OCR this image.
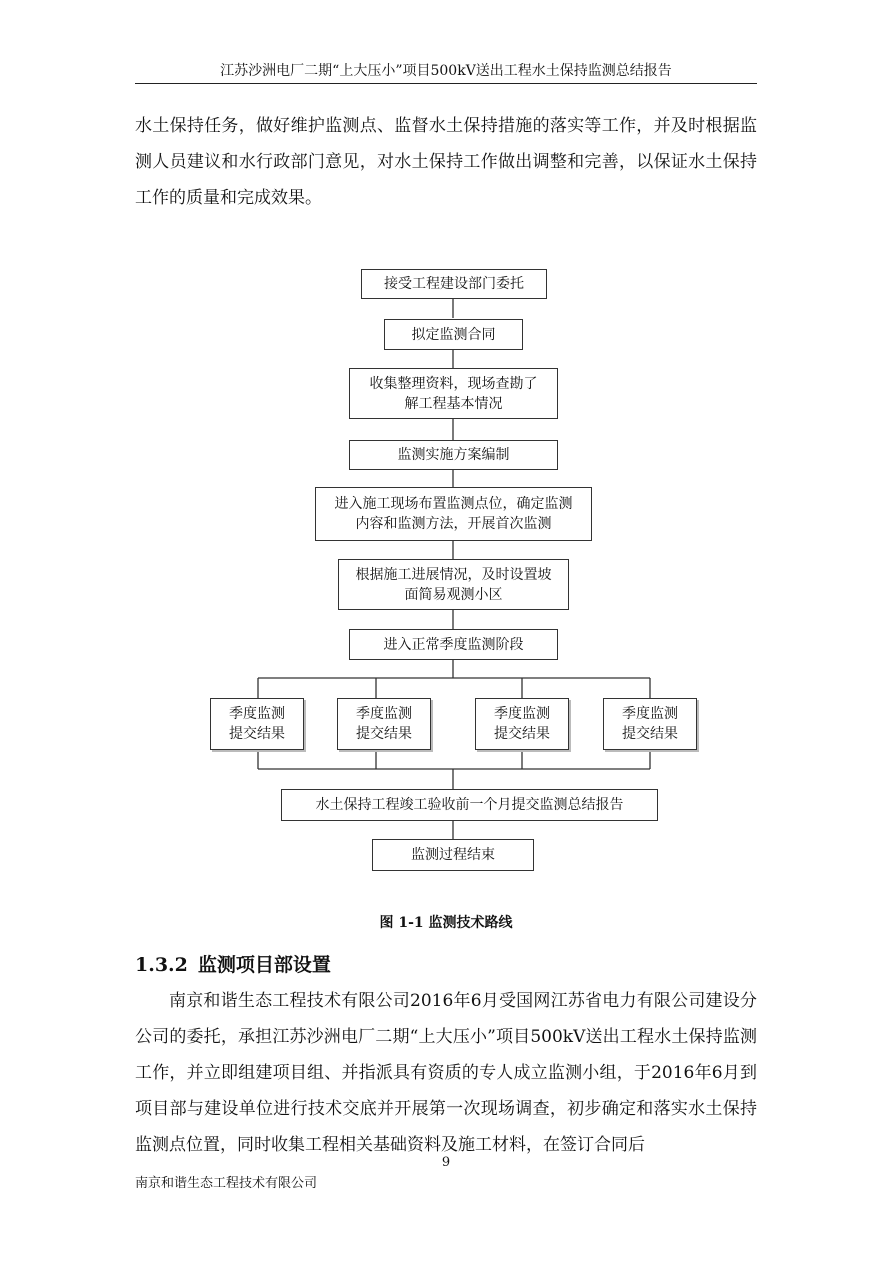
江苏沙洲电厂二期“上大压小”项目500kV送出工程水土保持监测总结报告

水土保持任务，做好维护监测点、监督水土保持措施的落实等工作，并及时根据监测人员建议和水行政部门意见，对水土保持工作做出调整和完善，以保证水土保持工作的质量和完成效果。

接受工程建设部门委托
拟定监测合同
收集整理资料，现场查勘了
解工程基本情况
监测实施方案编制
进入施工现场布置监测点位，确定监测
内容和监测方法，开展首次监测
根据施工进展情况，及时设置坡
面简易观测小区
进入正常季度监测阶段
季度监测
提交结果
季度监测
提交结果
季度监测
提交结果
季度监测
提交结果
水土保持工程竣工验收前一个月提交监测总结报告
监测过程结束
图 1-1 监测技术路线
1.3.2 监测项目部设置

南京和谐生态工程技术有限公司2016年6月受国网江苏省电力有限公司建设分公司的委托，承担江苏沙洲电厂二期“上大压小”项目500kV送出工程水土保持监测工作，并立即组建项目组、并指派具有资质的专人成立监测小组，于2016年6月到项目部与建设单位进行技术交底并开展第一次现场调查，初步确定和落实水土保持监测点位置，同时收集工程相关基础资料及施工材料，在签订合同后

9
南京和谐生态工程技术有限公司
